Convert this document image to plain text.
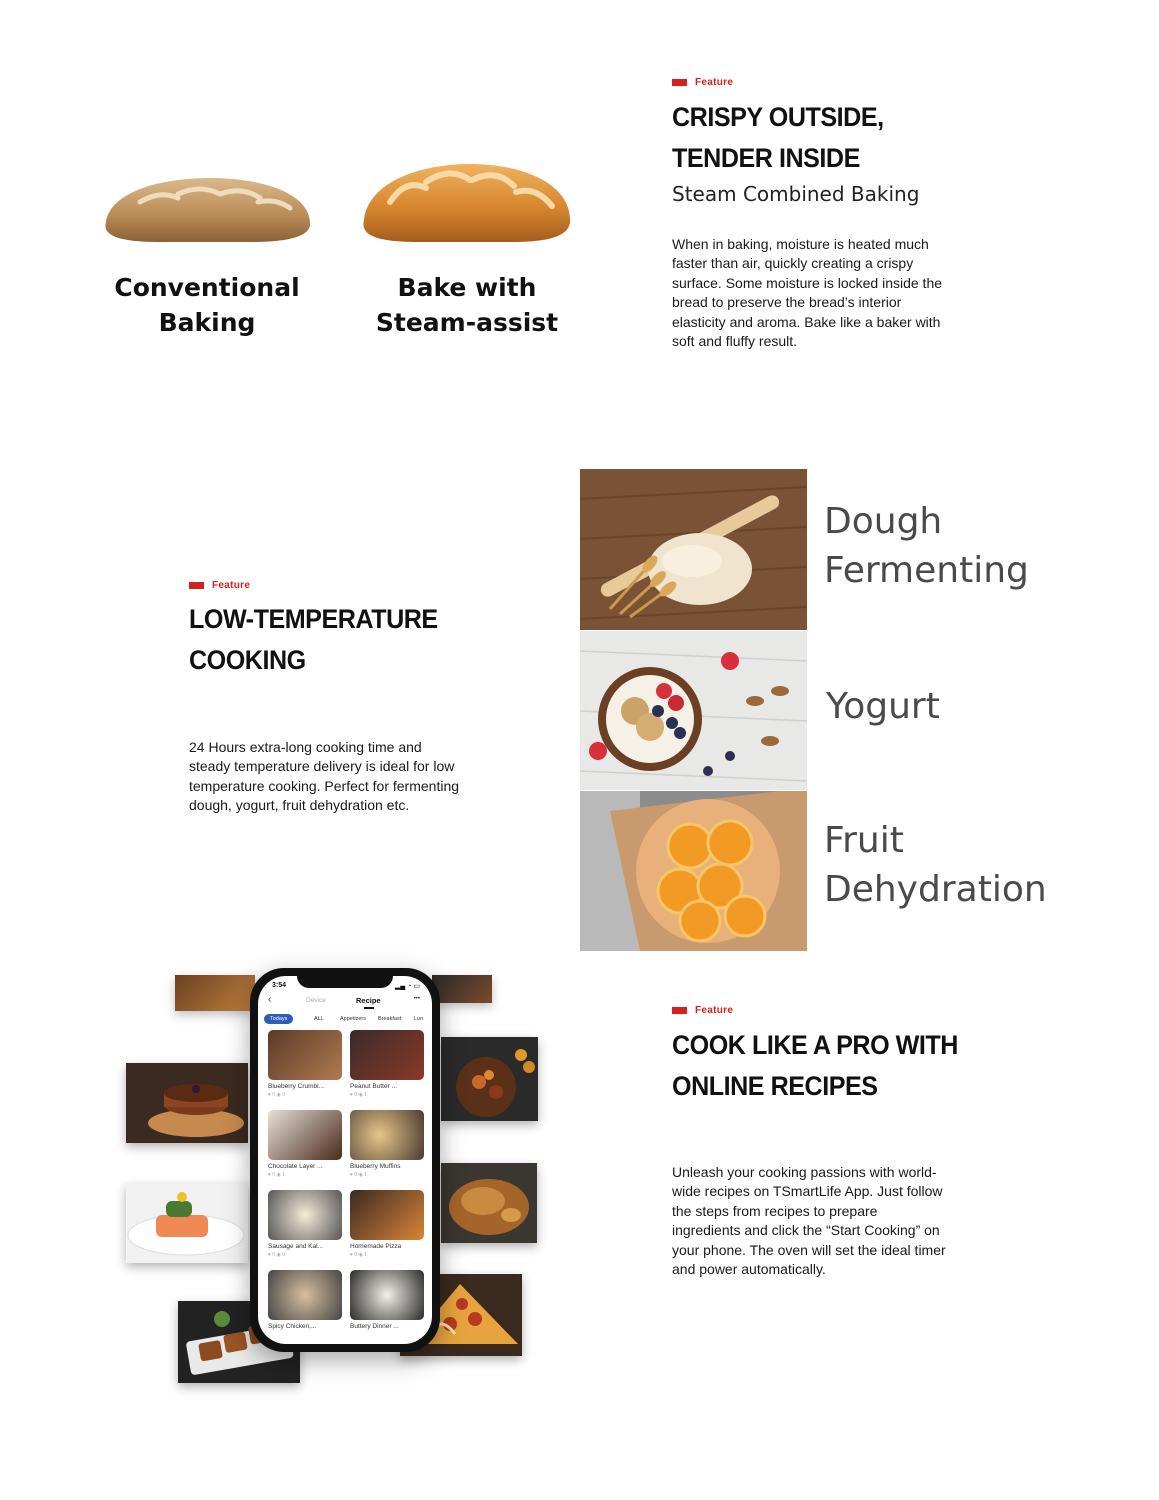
Conventional
Baking
Bake with
Steam-assist
Feature
CRISPY OUTSIDE,
TENDER INSIDE
Steam Combined Baking
When in baking, moisture is heated much
faster than air, quickly creating a crispy
surface. Some moisture is locked inside the
bread to preserve the bread’s interior
elasticity and aroma. Bake like a baker with
soft and fluffy result.
Feature
LOW-TEMPERATURE
COOKING
24 Hours extra-long cooking time and
steady temperature delivery is ideal for low
temperature cooking. Perfect for fermenting
dough, yogurt, fruit dehydration etc.
Dough
Fermenting
Yogurt
Fruit
Dehydration
3:54	▂▄ ◔ ▭
‹	Device	Recipe	•••
Todays	ALL	Appetizers Breakfast Lun
Blueberry Crumbl...
♥ 0 ◉ 0
Peanut Butter ...
♥ 0 ◉ 1
Chocolate Layer ...
♥ 0 ◉ 1
Blueberry Muffins
♥ 0 ◉ 1
Sausage and Kal...
♥ 0 ◉ 0
Homemade Pizza
♥ 0 ◉ 1
Spicy Chicken,...	Buttery Dinner ...
Feature
COOK LIKE A PRO WITH
ONLINE RECIPES
Unleash your cooking passions with world-
wide recipes on TSmartLife App. Just follow
the steps from recipes to prepare
ingredients and click the “Start Cooking” on
your phone. The oven will set the ideal timer
and power automatically.
